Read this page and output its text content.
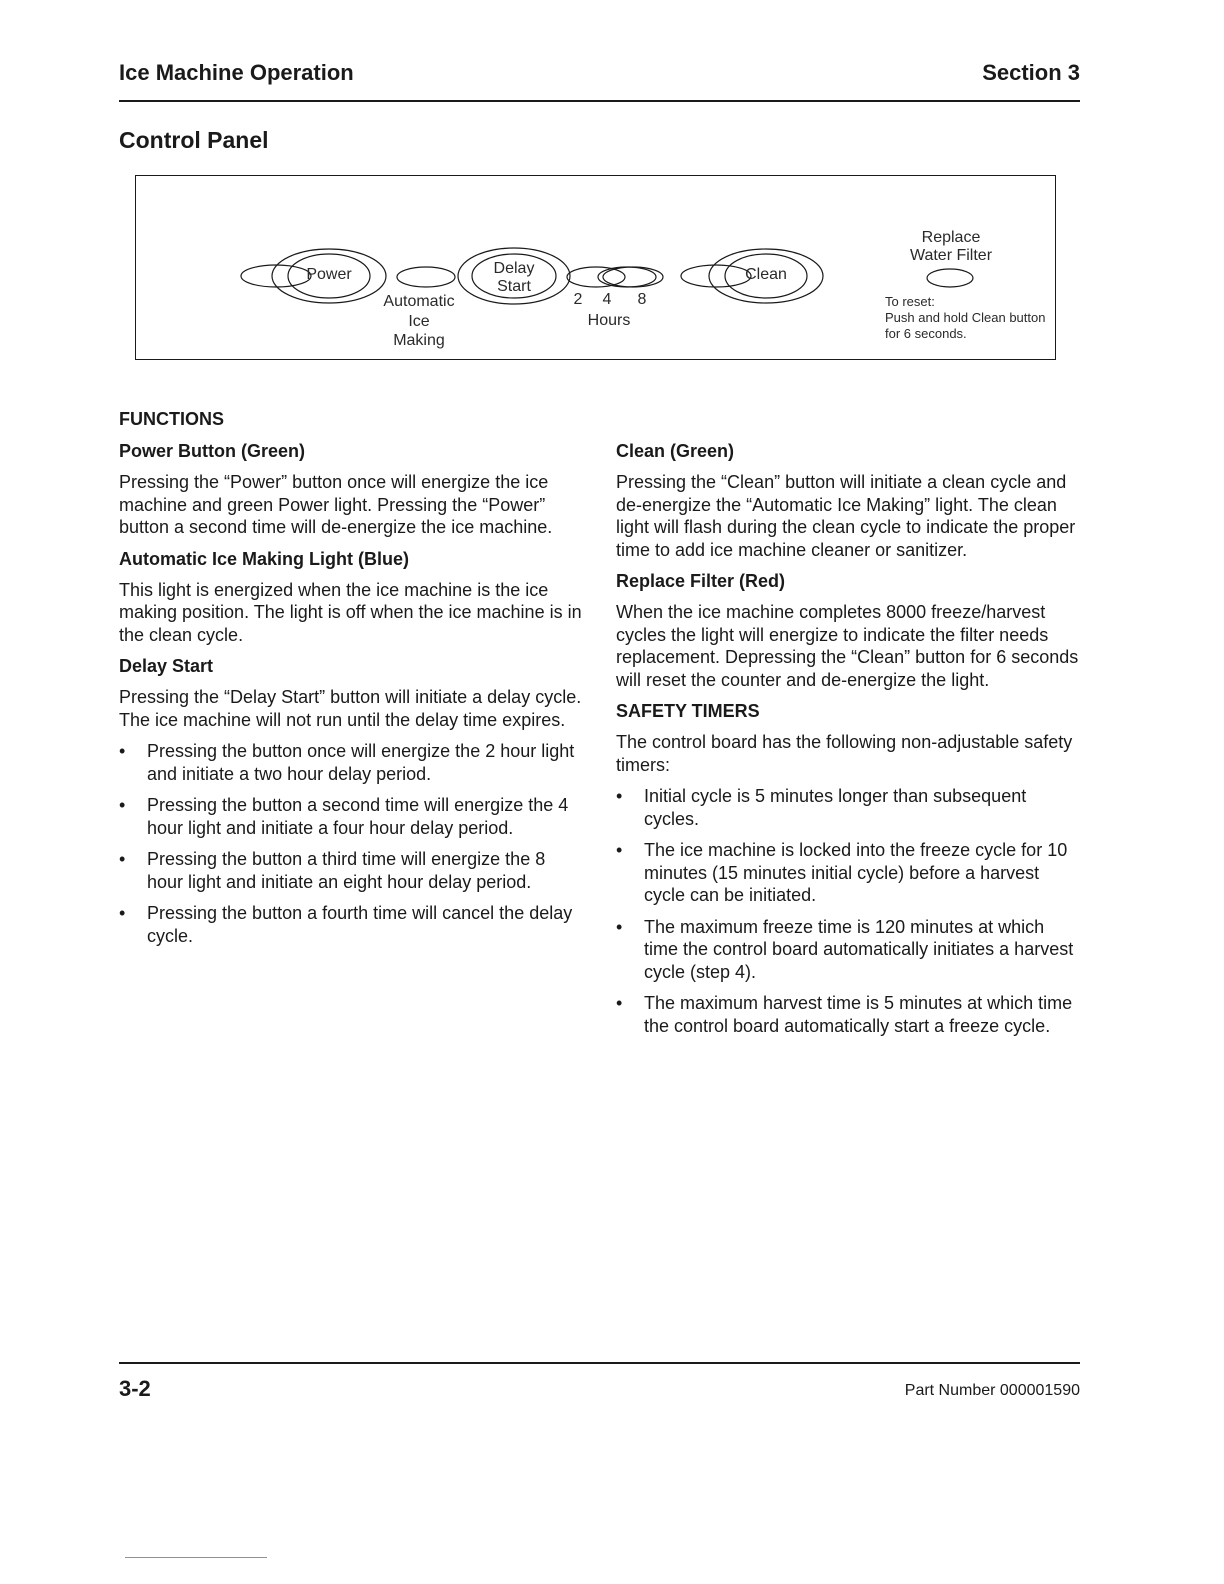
Ice Machine Operation	Section 3
Control Panel
Power	Delay
Start
Clean
Automatic
Ice
Making
2	4	8
Hours
Replace
Water Filter
To reset:
Push and hold Clean button
for 6 seconds.
FUNCTIONS
Power Button (Green)
Pressing the “Power” button once will energize the ice machine and green Power light. Pressing the “Power” button a second time will de-energize the ice machine.
Automatic Ice Making Light (Blue)
This light is energized when the ice machine is the ice making position. The light is off when the ice machine is in the clean cycle.
Delay Start
Pressing the “Delay Start” button will initiate a delay cycle. The ice machine will not run until the delay time expires.
• Pressing the button once will energize the 2 hour light and initiate a two hour delay period.
• Pressing the button a second time will energize the 4 hour light and initiate a four hour delay period.
• Pressing the button a third time will energize the 8 hour light and initiate an eight hour delay period.
• Pressing the button a fourth time will cancel the delay cycle.
Clean (Green)
Pressing the “Clean” button will initiate a clean cycle and de-energize the “Automatic Ice Making” light. The clean light will flash during the clean cycle to indicate the proper time to add ice machine cleaner or sanitizer.
Replace Filter (Red)
When the ice machine completes 8000 freeze/harvest cycles the light will energize to indicate the filter needs replacement. Depressing the “Clean” button for 6 seconds will reset the counter and de-energize the light.
SAFETY TIMERS
The control board has the following non-adjustable safety timers:
• Initial cycle is 5 minutes longer than subsequent cycles.
• The ice machine is locked into the freeze cycle for 10 minutes (15 minutes initial cycle) before a harvest cycle can be initiated.
• The maximum freeze time is 120 minutes at which time the control board automatically initiates a harvest cycle (step 4).
• The maximum harvest time is 5 minutes at which time the control board automatically start a freeze cycle.
3-2	Part Number 000001590
